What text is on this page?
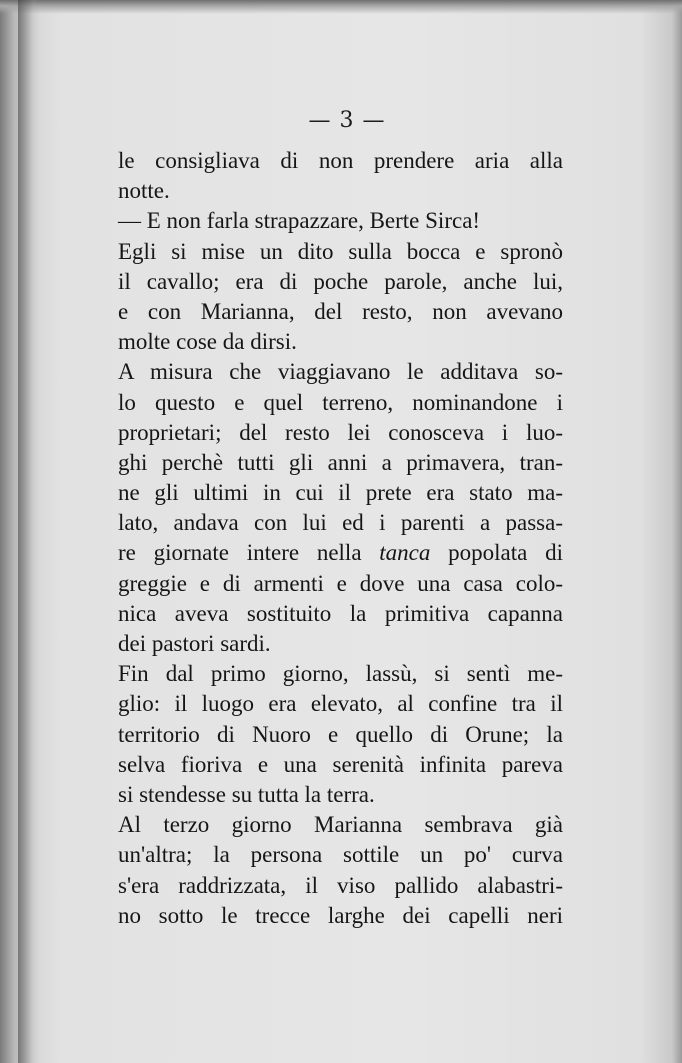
— 3 —
le consigliava di non prendere aria alla
notte.
— E non farla strapazzare, Berte Sirca!
Egli si mise un dito sulla bocca e spronò
il cavallo; era di poche parole, anche lui,
e con Marianna, del resto, non avevano
molte cose da dirsi.
A misura che viaggiavano le additava so-
lo questo e quel terreno, nominandone i
proprietari; del resto lei conosceva i luo-
ghi perchè tutti gli anni a primavera, tran-
ne gli ultimi in cui il prete era stato ma-
lato, andava con lui ed i parenti a passa-
re giornate intere nella tanca popolata di
greggie e di armenti e dove una casa colo-
nica aveva sostituito la primitiva capanna
dei pastori sardi.
Fin dal primo giorno, lassù, si sentì me-
glio: il luogo era elevato, al confine tra il
territorio di Nuoro e quello di Orune; la
selva fioriva e una serenità infinita pareva
si stendesse su tutta la terra.
Al terzo giorno Marianna sembrava già
un'altra; la persona sottile un po' curva
s'era raddrizzata, il viso pallido alabastri-
no sotto le trecce larghe dei capelli neri
